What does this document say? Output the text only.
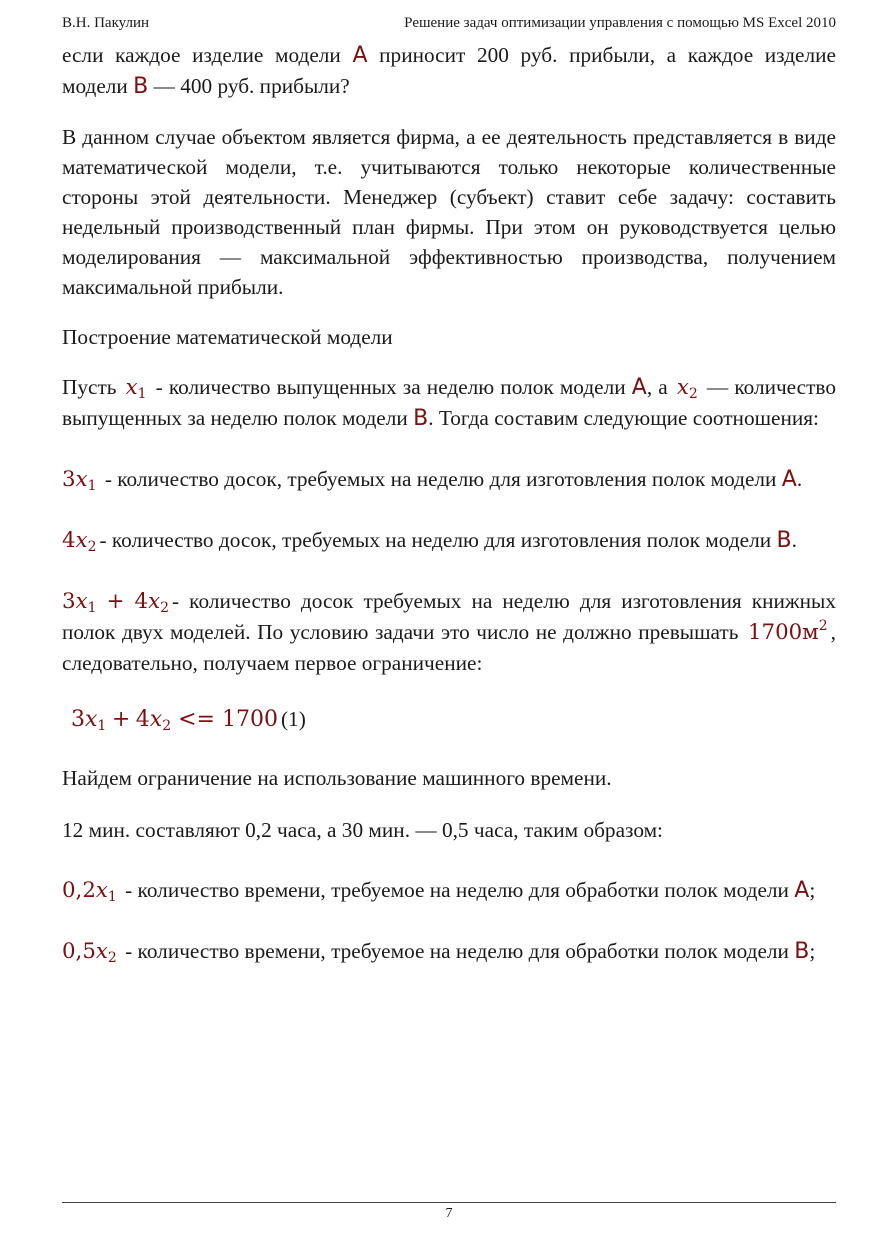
В.Н. Пакулин	Решение задач оптимизации управления с помощью MS Excel 2010

если каждое изделие модели A приносит 200 руб. прибыли, а каждое изделие модели B — 400 руб. прибыли?

В данном случае объектом является фирма, а ее деятельность представляется в виде математической модели, т.е. учитываются только некоторые количественные стороны этой деятельности. Менеджер (субъект) ставит себе задачу: составить недельный производственный план фирмы. При этом он руководствуется целью моделирования — максимальной эффективностью производства, получением максимальной прибыли.

Построение математической модели

Пусть $x_1$ - количество выпущенных за неделю полок модели A, а $x_2$ — количество выпущенных за неделю полок модели B. Тогда составим следующие соотношения:

$3x_1$ - количество досок, требуемых на неделю для изготовления полок модели A.

$4x_2$ - количество досок, требуемых на неделю для изготовления полок модели B.

$3x_1 + 4x_2$ - количество досок требуемых на неделю для изготовления книжных полок двух моделей. По условию задачи это число не должно превышать $1700м^2$ , следовательно, получаем первое ограничение:

$3x_1 + 4x_2 <= 1700$ (1)

Найдем ограничение на использование машинного времени.

12 мин. составляют 0,2 часа, а 30 мин. — 0,5 часа, таким образом:

$0,2x_1$ - количество времени, требуемое на неделю для обработки полок модели A;

$0,5x_2$ - количество времени, требуемое на неделю для обработки полок модели B;

7
